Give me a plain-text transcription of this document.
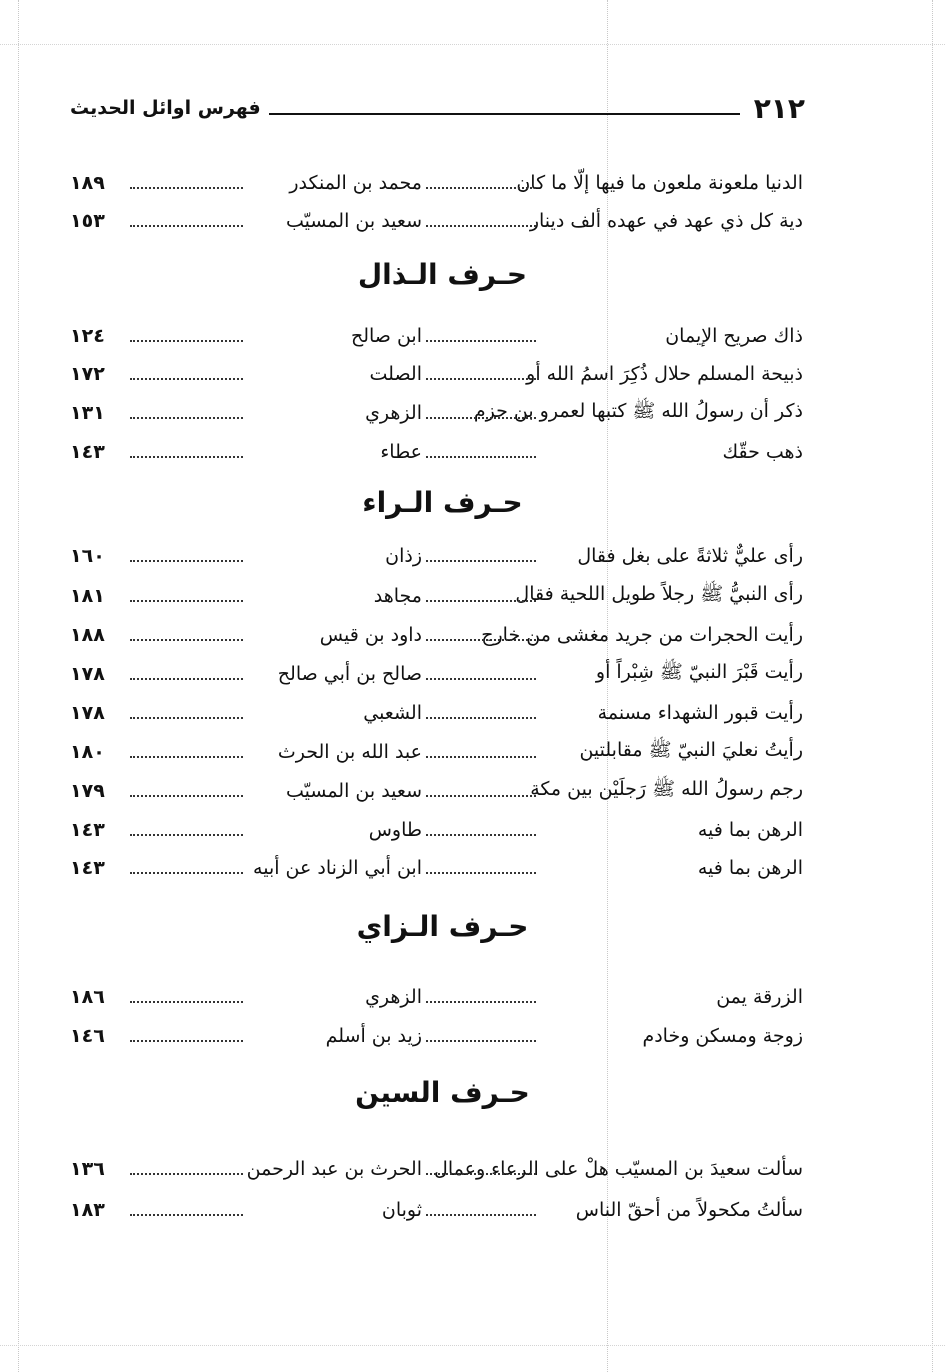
٢١٢
فهرس اوائل الحديث
الدنيا ملعونة ملعون ما فيها إلّا ما كان
محمد بن المنكدر
١٨٩
دية كل ذي عهد في عهده ألف دينار
سعيد بن المسيّب
١٥٣
ذاك صريح الإيمان
ابن صالح
١٢٤
ذبيحة المسلم حلال ذُكِرَ اسمُ الله أو
الصلت
١٧٢
ذكر أن رسولُ الله ﷺ كتبها لعمرو بن حزم
الزهري
١٣١
ذهب حقّك
عطاء
١٤٣
رأى عليٌّ ثلاثةً على بغل فقال
زذان
١٦٠
رأى النبيُّ ﷺ رجلاً طويل اللحية فقال
مجاهد
١٨١
رأيت الحجرات من جريد مغشى من خارج
داود بن قيس
١٨٨
رأيت قَبْرَ النبيّ ﷺ شِبْراً أو
صالح بن أبي صالح
١٧٨
رأيت قبور الشهداء مسنمة
الشعبي
١٧٨
رأيتُ نعليَ النبيّ ﷺ مقابلتين
عبد الله بن الحرث
١٨٠
رجم رسولُ الله ﷺ رَجلَيْن بين مكة
سعيد بن المسيّب
١٧٩
الرهن بما فيه
طاوس
١٤٣
الرهن بما فيه
ابن أبي الزناد عن أبيه
١٤٣
الزرقة يمن
الزهري
١٨٦
زوجة ومسكن وخادم
زيد بن أسلم
١٤٦
سألت سعيدَ بن المسيّب هلْ على الرعاء وعمال
الحرث بن عبد الرحمن
١٣٦
سألتُ مكحولاً من أحقّ الناس
ثوبان
١٨٣
حـرف الـذال
حـرف الـراء
حـرف الـزاي
حـرف السين
